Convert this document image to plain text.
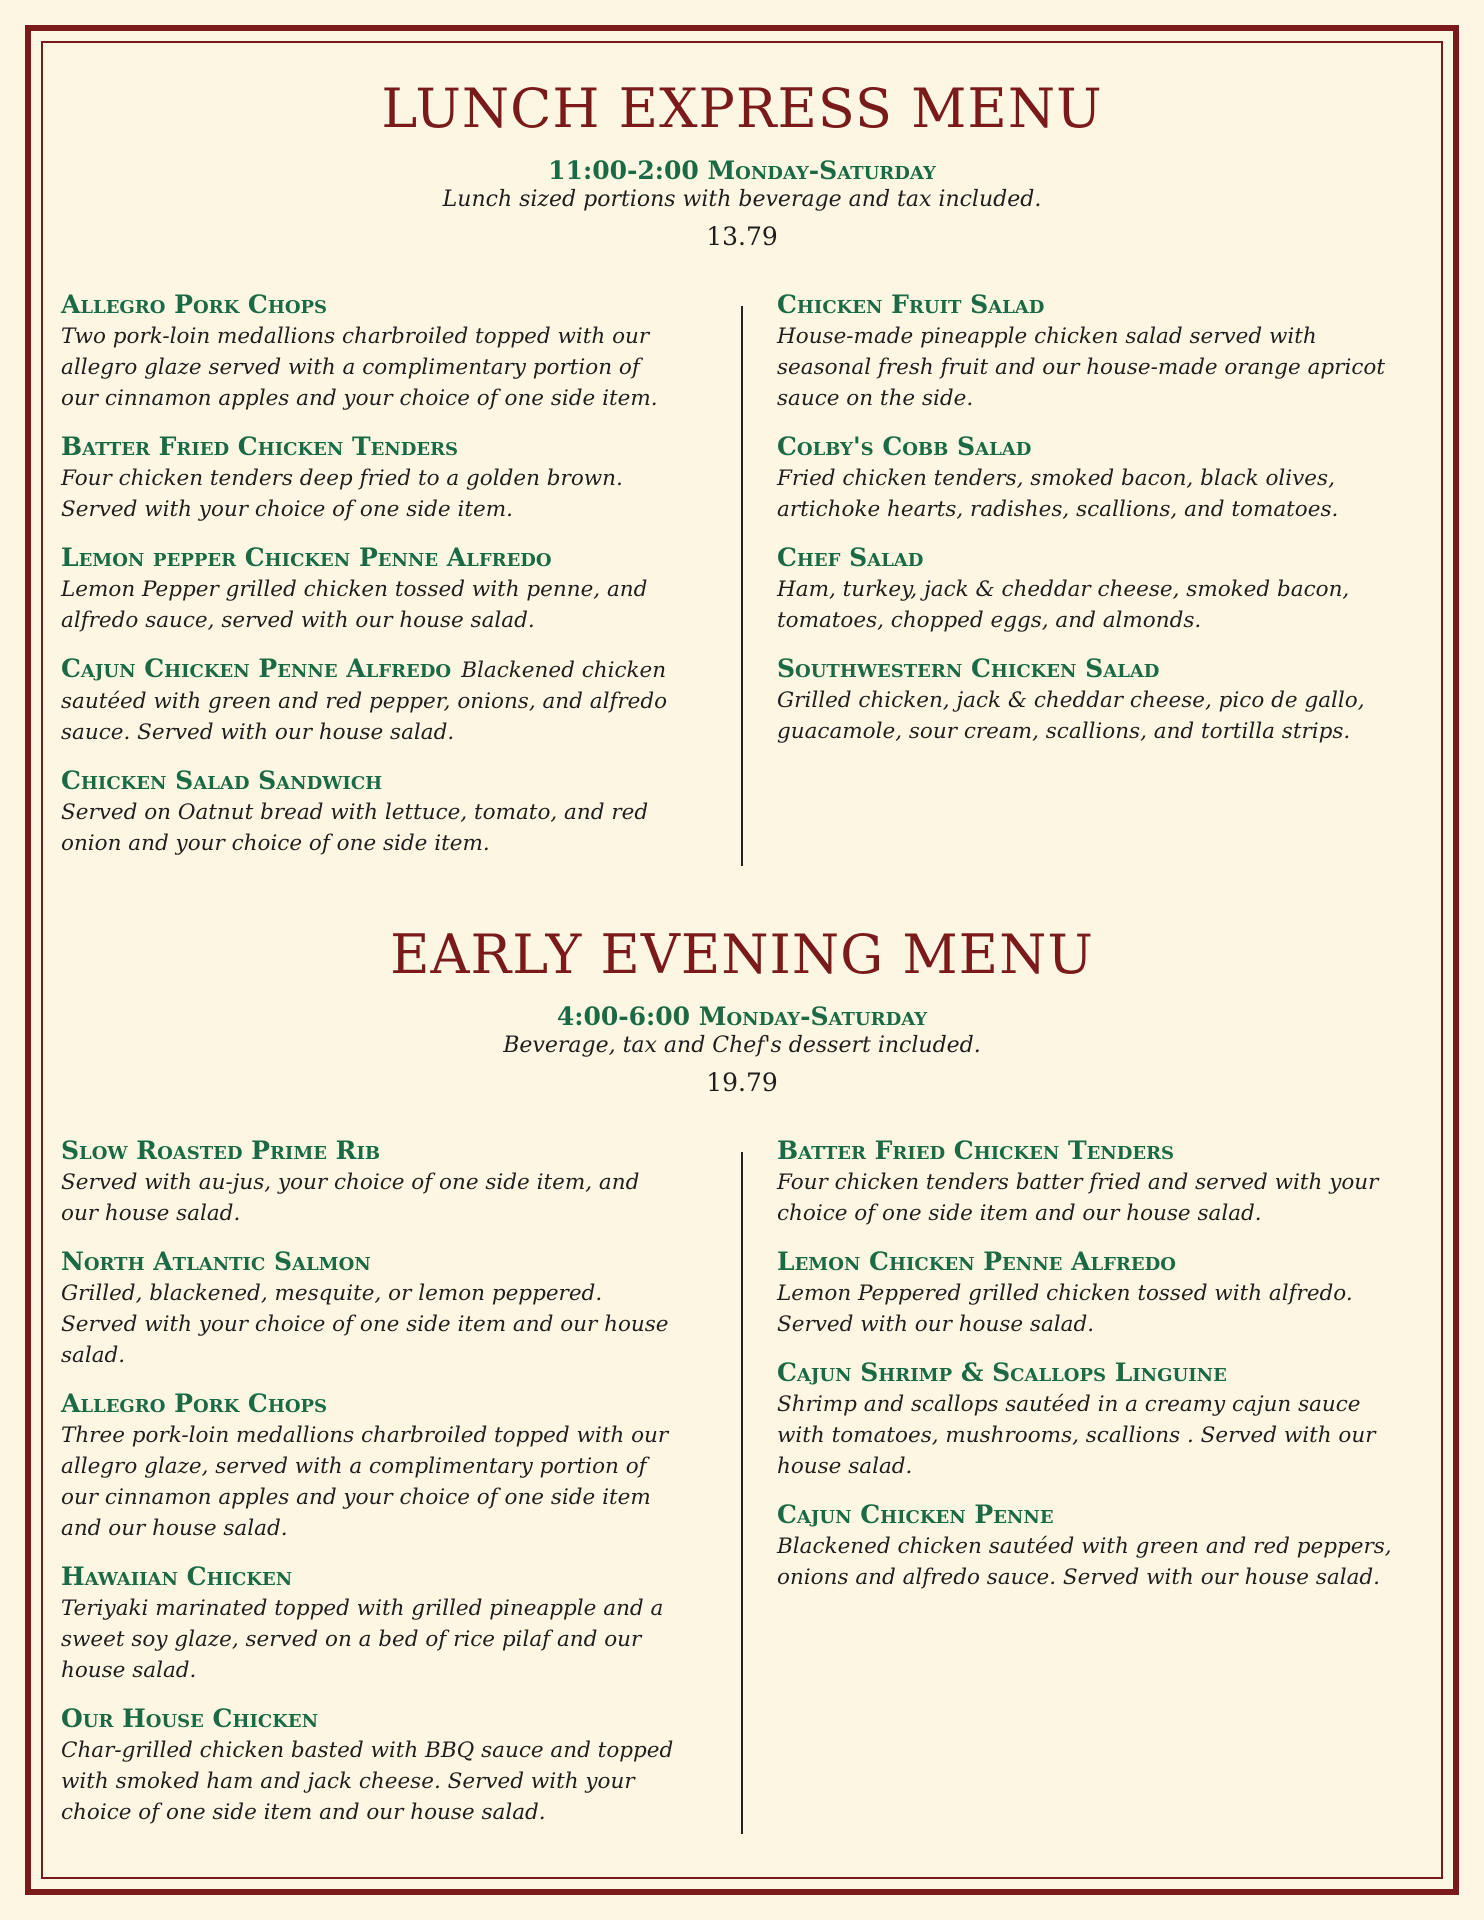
LUNCH EXPRESS MENU
11:00-2:00 Monday-Saturday
Lunch sized portions with beverage and tax included.
13.79
Allegro Pork Chops
Two pork-loin medallions charbroiled topped with our allegro glaze served with a complimentary portion of our cinnamon apples and your choice of one side item.
Batter Fried Chicken Tenders
Four chicken tenders deep fried to a golden brown. Served with your choice of one side item.
Lemon pepper Chicken Penne Alfredo
Lemon Pepper grilled chicken tossed with penne, and alfredo sauce, served with our house salad.
Cajun Chicken Penne Alfredo Blackened chicken sautéed with green and red pepper, onions, and alfredo sauce. Served with our house salad.
Chicken Salad Sandwich
Served on Oatnut bread with lettuce, tomato, and red onion and your choice of one side item.
Chicken Fruit Salad
House-made pineapple chicken salad served with seasonal fresh fruit and our house-made orange apricot sauce on the side.
Colby's Cobb Salad
Fried chicken tenders, smoked bacon, black olives, artichoke hearts, radishes, scallions, and tomatoes.
Chef Salad
Ham, turkey, jack & cheddar cheese, smoked bacon, tomatoes, chopped eggs, and almonds.
Southwestern Chicken Salad
Grilled chicken, jack & cheddar cheese, pico de gallo, guacamole, sour cream, scallions, and tortilla strips.
EARLY EVENING MENU
4:00-6:00 Monday-Saturday
Beverage, tax and Chef's dessert included.
19.79
Slow Roasted Prime Rib
Served with au-jus, your choice of one side item, and our house salad.
North Atlantic Salmon
Grilled, blackened, mesquite, or lemon peppered. Served with your choice of one side item and our house salad.
Allegro Pork Chops
Three pork-loin medallions charbroiled topped with our allegro glaze, served with a complimentary portion of our cinnamon apples and your choice of one side item and our house salad.
Hawaiian Chicken
Teriyaki marinated topped with grilled pineapple and a sweet soy glaze, served on a bed of rice pilaf and our house salad.
Our House Chicken
Char-grilled chicken basted with BBQ sauce and topped with smoked ham and jack cheese. Served with your choice of one side item and our house salad.
Batter Fried Chicken Tenders
Four chicken tenders batter fried and served with your choice of one side item and our house salad.
Lemon Chicken Penne Alfredo
Lemon Peppered grilled chicken tossed with alfredo. Served with our house salad.
Cajun Shrimp & Scallops Linguine
Shrimp and scallops sautéed in a creamy cajun sauce with tomatoes, mushrooms, scallions . Served with our house salad.
Cajun Chicken Penne
Blackened chicken sautéed with green and red peppers, onions and alfredo sauce. Served with our house salad.
